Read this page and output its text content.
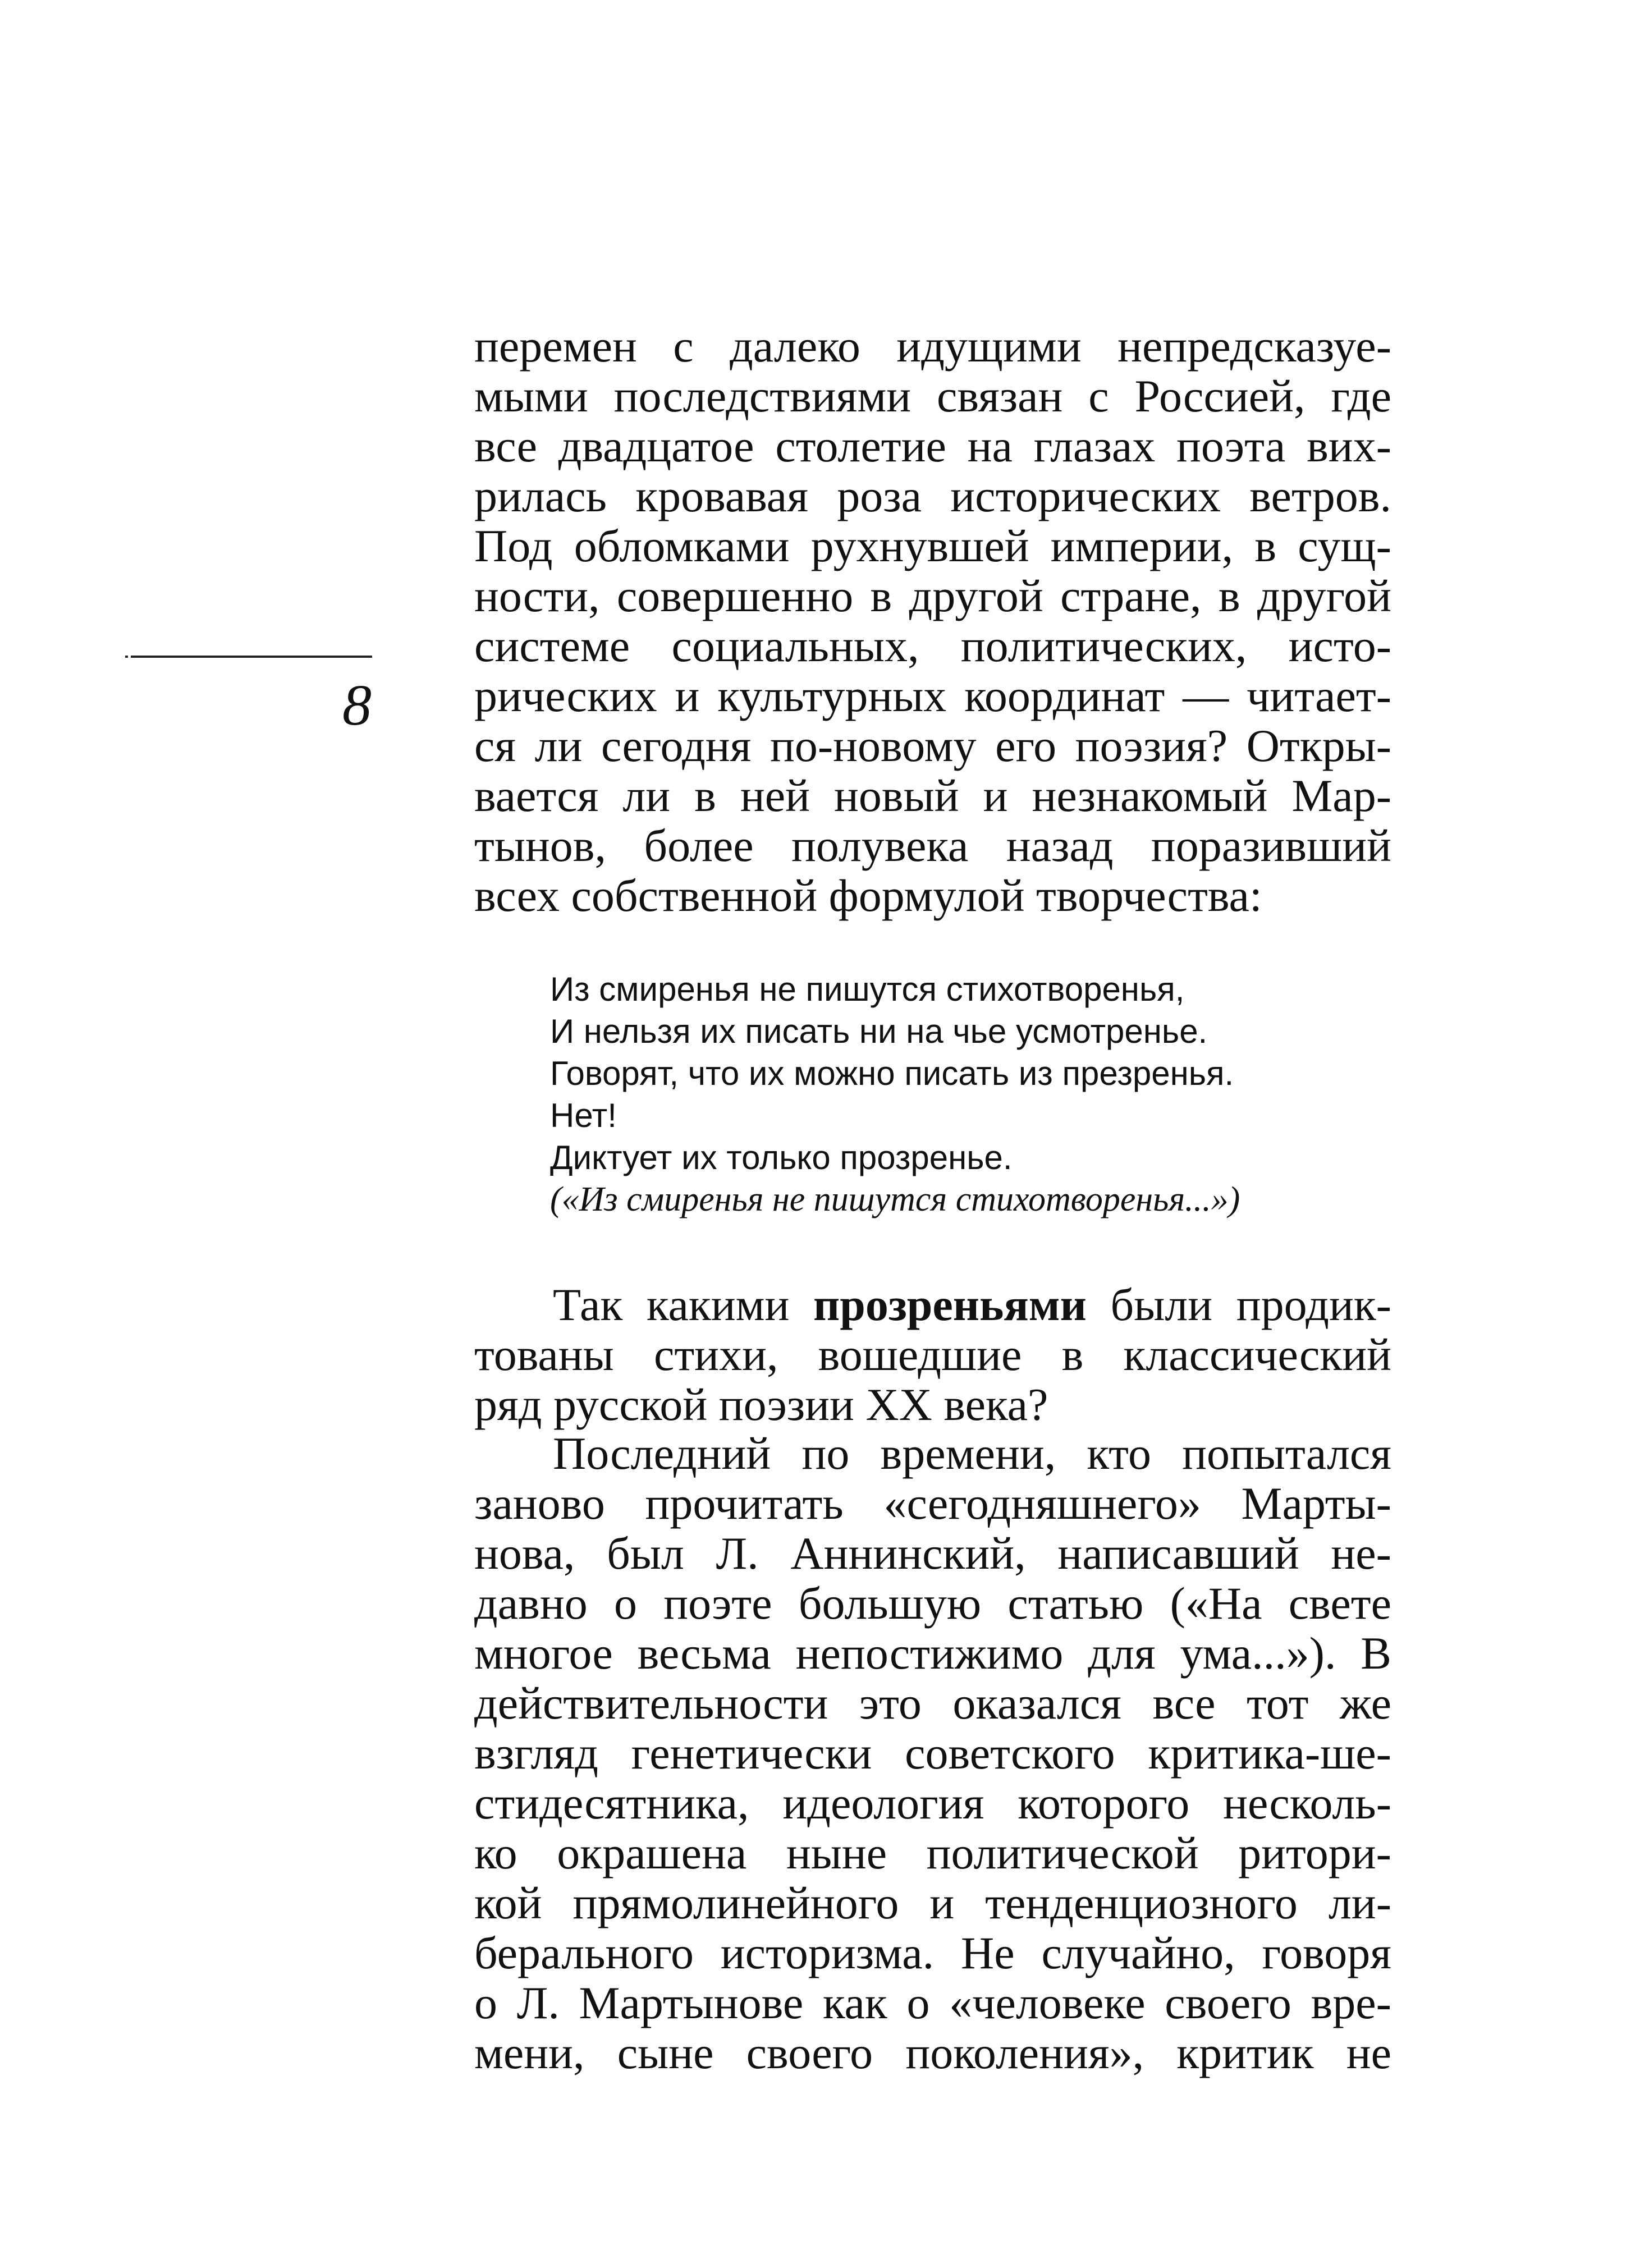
8
перемен с далеко идущими непредсказуе-
мыми последствиями связан с Россией, где
все двадцатое столетие на глазах поэта вих-
рилась кровавая роза исторических ветров.
Под обломками рухнувшей империи, в сущ-
ности, совершенно в другой стране, в другой
системе социальных, политических, исто-
рических и культурных координат — читает-
ся ли сегодня по-новому его поэзия? Откры-
вается ли в ней новый и незнакомый Мар-
тынов, более полувека назад поразивший
всех собственной формулой творчества:
Из смиренья не пишутся стихотворенья,
И нельзя их писать ни на чье усмотренье.
Говорят, что их можно писать из презренья.
Нет!
Диктует их только прозренье.
(«Из смиренья не пишутся стихотворенья...»)
Так какими прозреньями были продик-
тованы стихи, вошедшие в классический
ряд русской поэзии XX века?
Последний по времени, кто попытался
заново прочитать «сегодняшнего» Марты-
нова, был Л. Аннинский, написавший не-
давно о поэте большую статью («На свете
многое весьма непостижимо для ума...»). В
действительности это оказался все тот же
взгляд генетически советского критика-ше-
стидесятника, идеология которого несколь-
ко окрашена ныне политической ритори-
кой прямолинейного и тенденциозного ли-
берального историзма. Не случайно, говоря
о Л. Мартынове как о «человеке своего вре-
мени, сыне своего поколения», критик не
